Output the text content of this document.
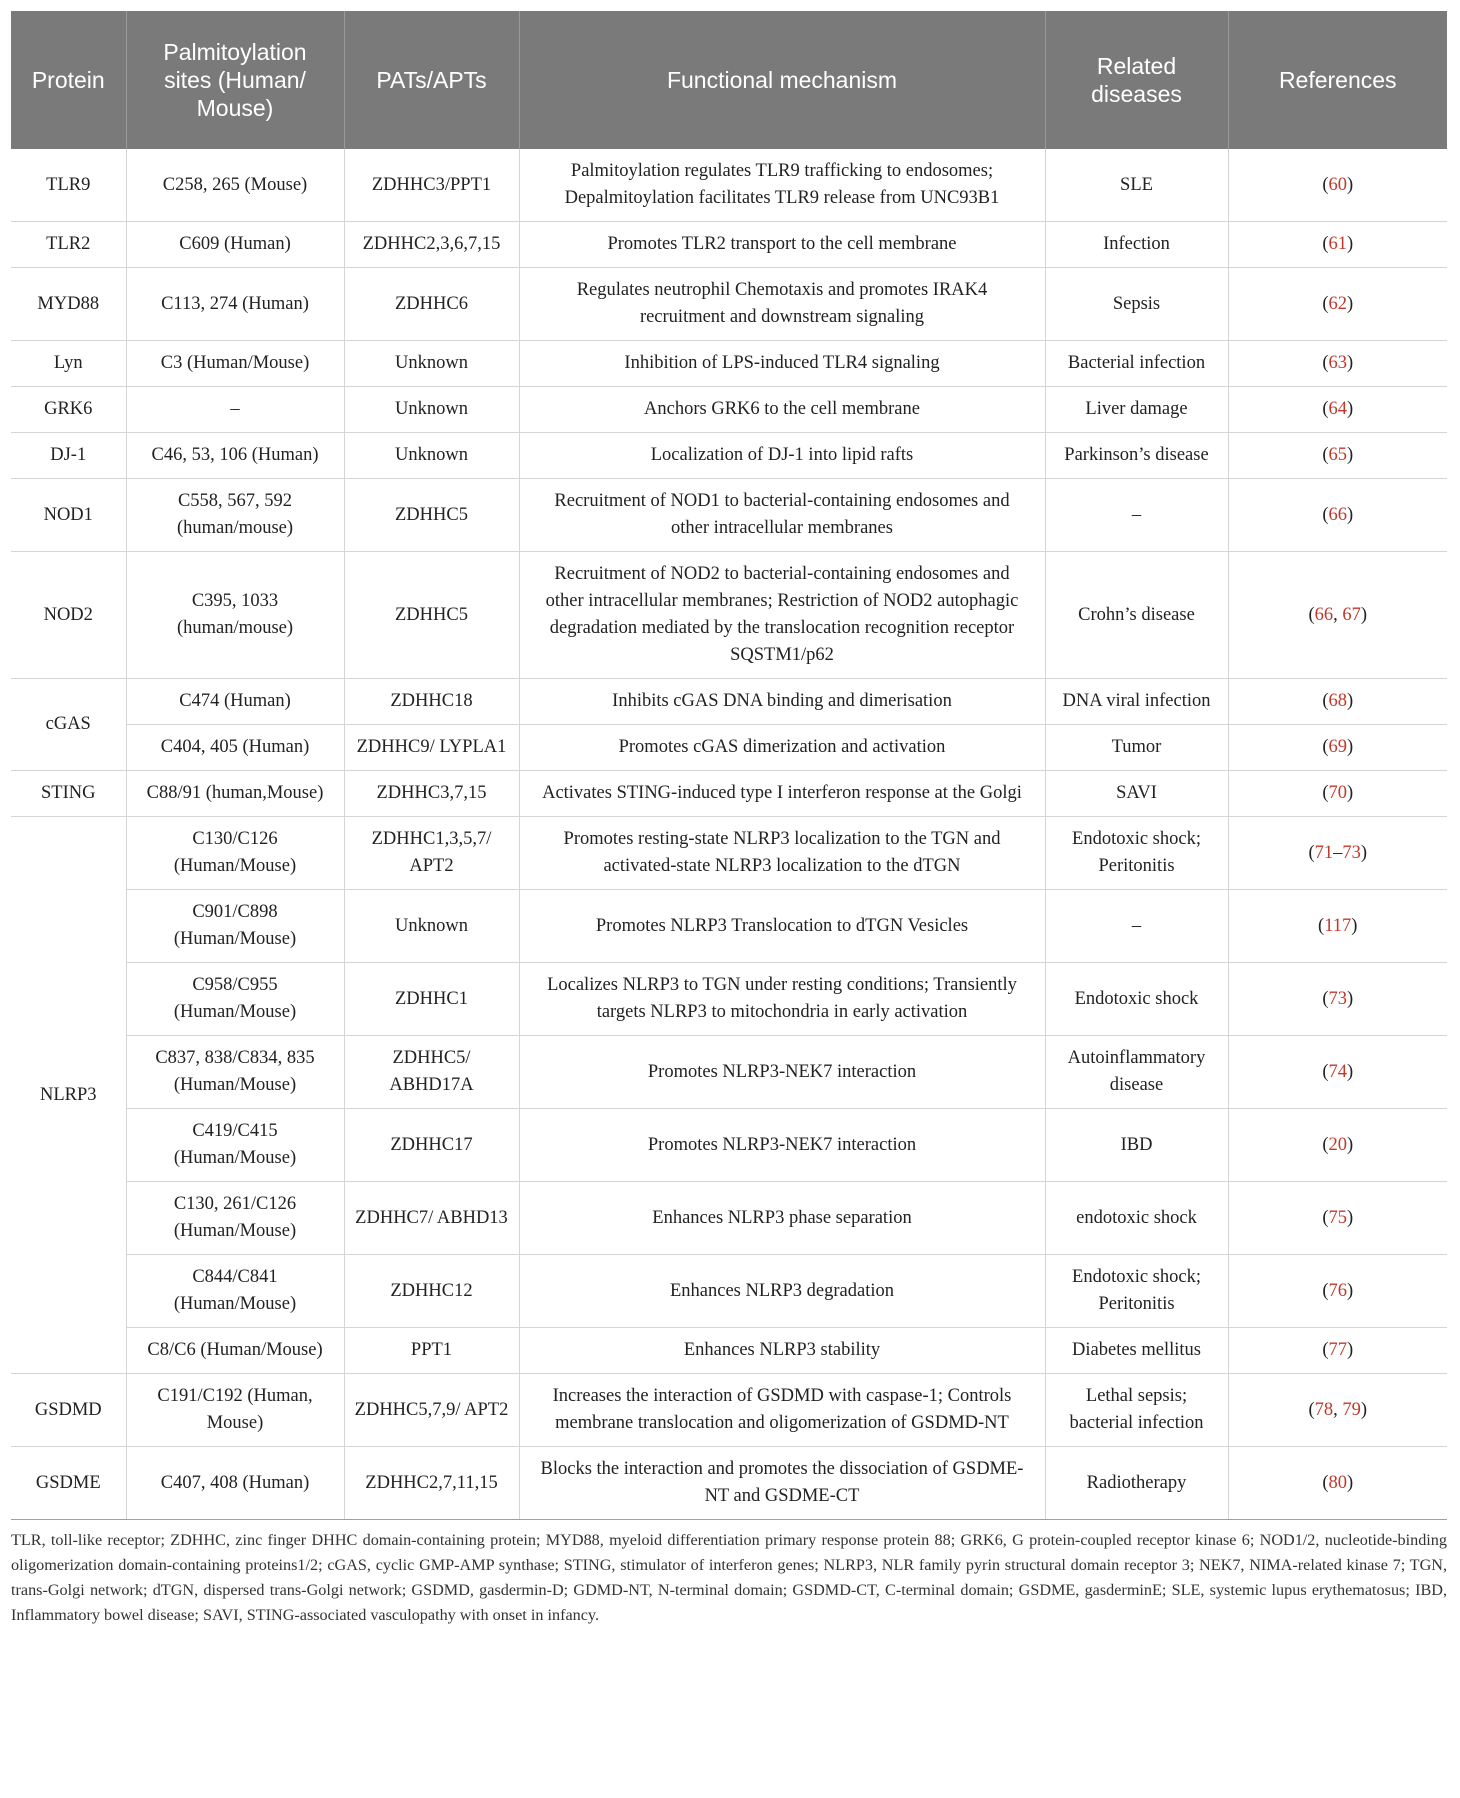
Protein	Palmitoylation sites (Human/ Mouse)	PATs/APTs	Functional mechanism	Related diseases	References
TLR9	C258, 265 (Mouse)	ZDHHC3/PPT1	Palmitoylation regulates TLR9 trafficking to endosomes; Depalmitoylation facilitates TLR9 release from UNC93B1	SLE	(60)
TLR2	C609 (Human)	ZDHHC2,3,6,7,15	Promotes TLR2 transport to the cell membrane	Infection	(61)
MYD88	C113, 274 (Human)	ZDHHC6	Regulates neutrophil Chemotaxis and promotes IRAK4 recruitment and downstream signaling	Sepsis	(62)
Lyn	C3 (Human/Mouse)	Unknown	Inhibition of LPS-induced TLR4 signaling	Bacterial infection	(63)
GRK6	–	Unknown	Anchors GRK6 to the cell membrane	Liver damage	(64)
DJ-1	C46, 53, 106 (Human)	Unknown	Localization of DJ-1 into lipid rafts	Parkinson’s disease	(65)
NOD1	C558, 567, 592 (human/mouse)	ZDHHC5	Recruitment of NOD1 to bacterial-containing endosomes and other intracellular membranes	–	(66)
NOD2	C395, 1033 (human/mouse)	ZDHHC5	Recruitment of NOD2 to bacterial-containing endosomes and other intracellular membranes; Restriction of NOD2 autophagic degradation mediated by the translocation recognition receptor SQSTM1/p62	Crohn’s disease	(66, 67)
cGAS	C474 (Human)	ZDHHC18	Inhibits cGAS DNA binding and dimerisation	DNA viral infection	(68)
	C404, 405 (Human)	ZDHHC9/ LYPLA1	Promotes cGAS dimerization and activation	Tumor	(69)
STING	C88/91 (human,Mouse)	ZDHHC3,7,15	Activates STING-induced type I interferon response at the Golgi	SAVI	(70)
NLRP3	C130/C126 (Human/Mouse)	ZDHHC1,3,5,7/ APT2	Promotes resting-state NLRP3 localization to the TGN and activated-state NLRP3 localization to the dTGN	Endotoxic shock; Peritonitis	(71–73)
	C901/C898 (Human/Mouse)	Unknown	Promotes NLRP3 Translocation to dTGN Vesicles	–	(117)
	C958/C955 (Human/Mouse)	ZDHHC1	Localizes NLRP3 to TGN under resting conditions; Transiently targets NLRP3 to mitochondria in early activation	Endotoxic shock	(73)
	C837, 838/C834, 835 (Human/Mouse)	ZDHHC5/ ABHD17A	Promotes NLRP3-NEK7 interaction	Autoinflammatory disease	(74)
	C419/C415 (Human/Mouse)	ZDHHC17	Promotes NLRP3-NEK7 interaction	IBD	(20)
	C130, 261/C126 (Human/Mouse)	ZDHHC7/ ABHD13	Enhances NLRP3 phase separation	endotoxic shock	(75)
	C844/C841 (Human/Mouse)	ZDHHC12	Enhances NLRP3 degradation	Endotoxic shock; Peritonitis	(76)
	C8/C6 (Human/Mouse)	PPT1	Enhances NLRP3 stability	Diabetes mellitus	(77)
GSDMD	C191/C192 (Human, Mouse)	ZDHHC5,7,9/ APT2	Increases the interaction of GSDMD with caspase-1; Controls membrane translocation and oligomerization of GSDMD-NT	Lethal sepsis; bacterial infection	(78, 79)
GSDME	C407, 408 (Human)	ZDHHC2,7,11,15	Blocks the interaction and promotes the dissociation of GSDME-NT and GSDME-CT	Radiotherapy	(80)
TLR, toll-like receptor; ZDHHC, zinc finger DHHC domain-containing protein; MYD88, myeloid differentiation primary response protein 88; GRK6, G protein-coupled receptor kinase 6; NOD1/2, nucleotide-binding oligomerization domain-containing proteins1/2; cGAS, cyclic GMP-AMP synthase; STING, stimulator of interferon genes; NLRP3, NLR family pyrin structural domain receptor 3; NEK7, NIMA-related kinase 7; TGN, trans-Golgi network; dTGN, dispersed trans-Golgi network; GSDMD, gasdermin-D; GDMD-NT, N-terminal domain; GSDMD-CT, C-terminal domain; GSDME, gasderminE; SLE, systemic lupus erythematosus; IBD, Inflammatory bowel disease; SAVI, STING-associated vasculopathy with onset in infancy.
